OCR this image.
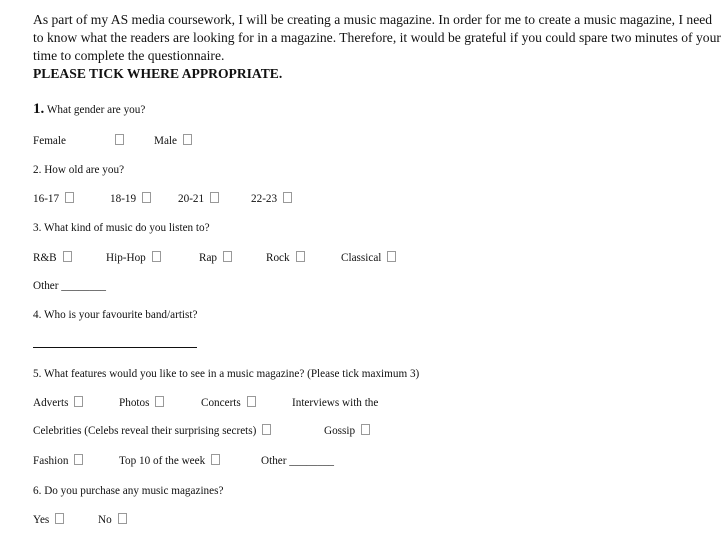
As part of my AS media coursework, I will be creating a music magazine. In order for me to create a music magazine, I need to know what the readers are looking for in a magazine. Therefore, it would be grateful if you could spare two minutes of your time to complete the questionnaire.
PLEASE TICK WHERE APPROPRIATE.

1. What gender are you?
Female	Male
2. How old are you?
16-17	18-19	20-21	22-23
3. What kind of music do you listen to?
R&B	Hip-Hop	Rap	Rock	Classical
Other ________
4. Who is your favourite band/artist?
5. What features would you like to see in a music magazine? (Please tick maximum 3)
Adverts	Photos	Concerts	Interviews with the
Celebrities (Celebs reveal their surprising secrets)	Gossip
Fashion	Top 10 of the week	Other ________
6. Do you purchase any music magazines?
Yes	No
